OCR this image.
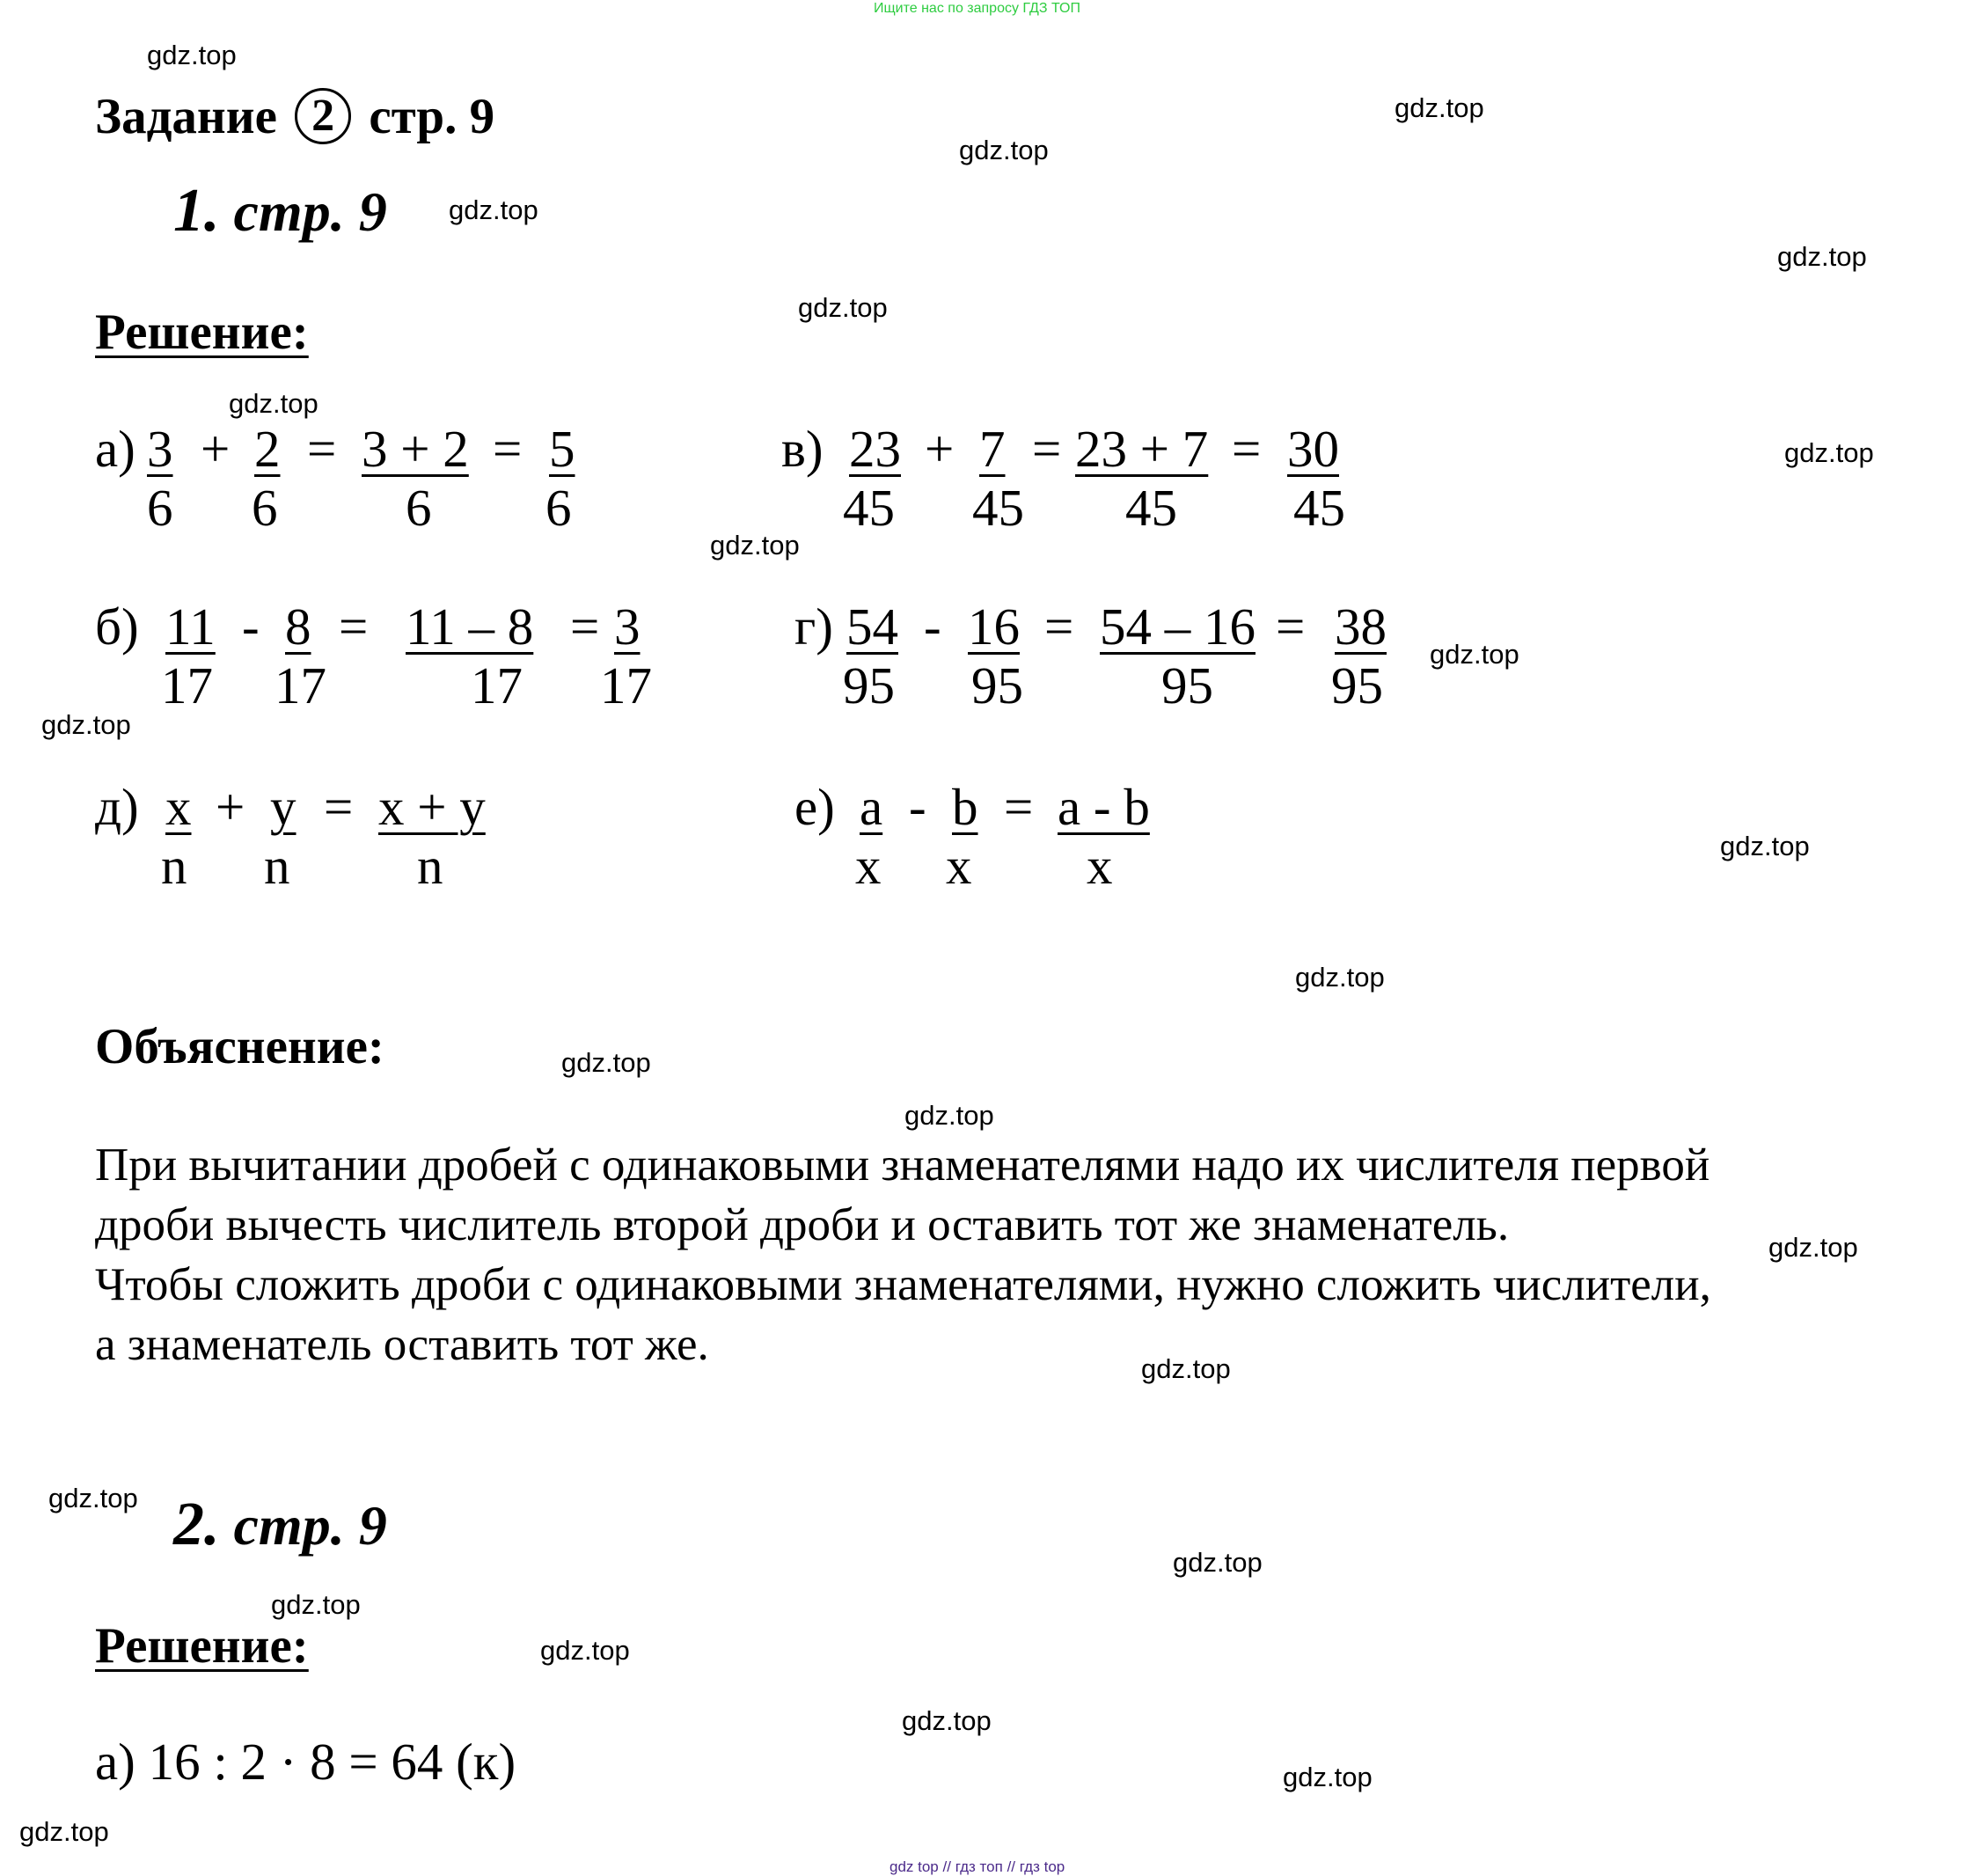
Ищите нас по запросу ГДЗ ТОП
gdz.top
gdz.top
gdz.top
gdz.top
gdz.top
gdz.top
gdz.top
gdz.top
gdz.top
gdz.top
gdz.top
gdz.top
gdz.top
gdz.top
gdz.top
gdz.top
gdz.top
gdz.top
gdz.top
gdz.top
gdz.top
gdz.top
gdz.top
gdz.top
Задание 2 стр. 9
1. стр. 9
Решение:
а) 3
6
+ 2
6
= 3 + 2
6
= 5
6
в) 23
45
+ 7
45
= 23 + 7
45
= 30
45
б) 11
17
- 8
17
= 11 – 8
17
= 3
17
г) 54
95
- 16
95
= 54 – 16
95
= 38
95
д) x
n
+ y
n
= x + y
n
е) a
x
- b
x
= a - b
x
Объяснение:
При вычитании дробей с одинаковыми знаменателями надо их числителя первой
дроби вычесть числитель второй дроби и оставить тот же знаменатель.
Чтобы сложить дроби с одинаковыми знаменателями, нужно сложить числители,
а знаменатель оставить тот же.
2. стр. 9
Решение:
а) 16 : 2 · 8 = 64 (к)
gdz top // гдз топ // гдз top
